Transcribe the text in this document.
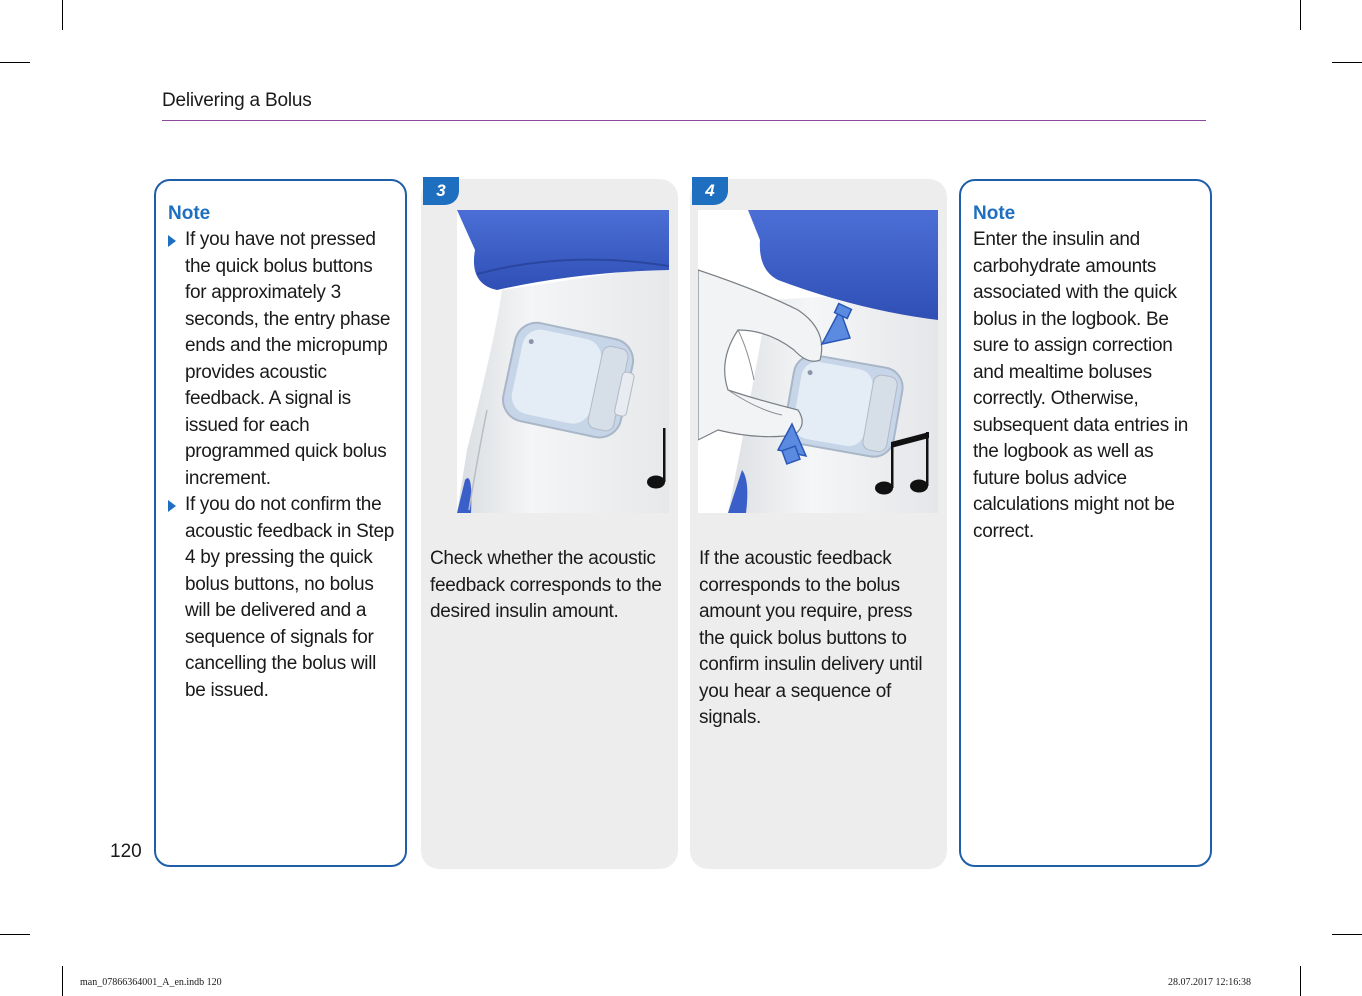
Delivering a Bolus
120
Note
If you have not pressed the quick bolus buttons for approximately 3 seconds, the entry phase ends and the micropump provides acoustic feedback. A signal is issued for each programmed quick bolus increment.
If you do not confirm the acoustic feedback in Step 4 by pressing the quick bolus buttons, no bolus will be delivered and a sequence of signals for cancelling the bolus will be issued.
3
Check whether the acoustic feedback corresponds to the desired insulin amount.
4
If the acoustic feedback corresponds to the bolus amount you require, press the quick bolus buttons to confirm insulin delivery until you hear a sequence of signals.
Note
Enter the insulin and carbohydrate amounts associated with the quick bolus in the logbook. Be sure to assign correction and mealtime boluses correctly. Otherwise, subsequent data entries in the logbook as well as future bolus advice calculations might not be correct.
man_07866364001_A_en.indb 120	28.07.2017 12:16:38
